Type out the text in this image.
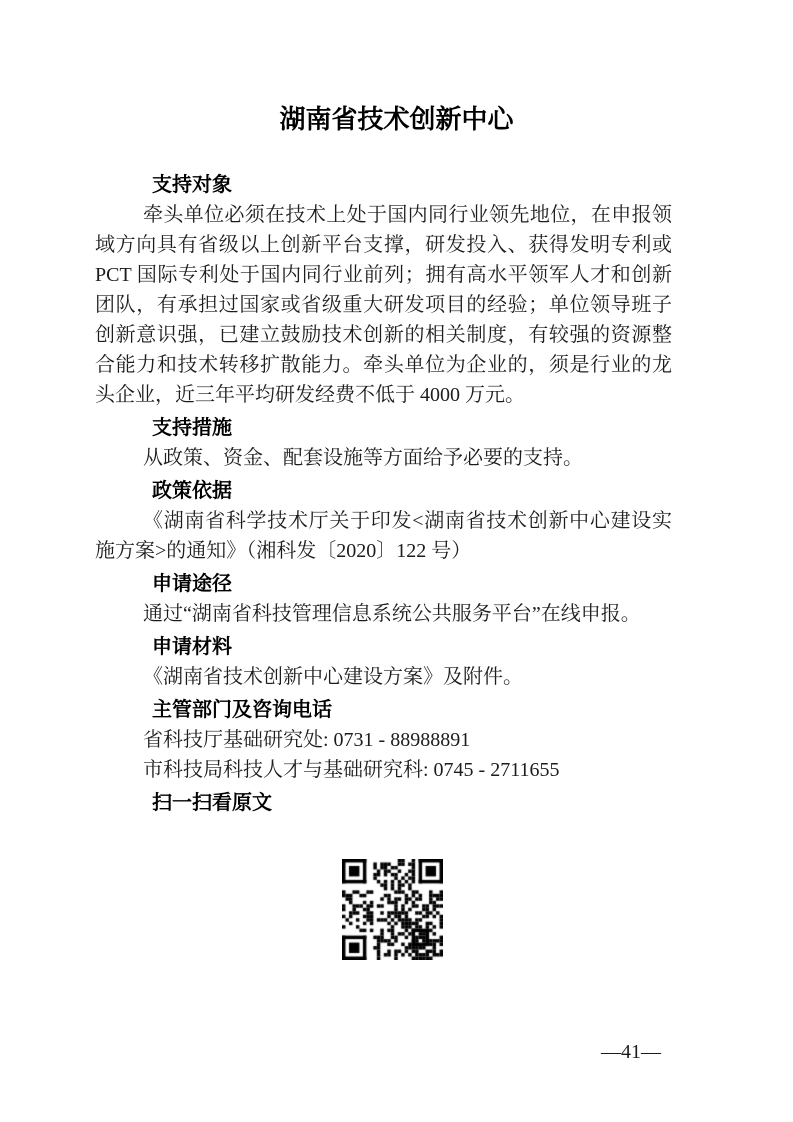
湖南省技术创新中心
支持对象

牵头单位必须在技术上处于国内同行业领先地位，在申报领域方向具有省级以上创新平台支撑，研发投入、获得发明专利或 PCT 国际专利处于国内同行业前列；拥有高水平领军人才和创新团队，有承担过国家或省级重大研发项目的经验；单位领导班子创新意识强，已建立鼓励技术创新的相关制度，有较强的资源整合能力和技术转移扩散能力。牵头单位为企业的，须是行业的龙头企业，近三年平均研发经费不低于 4000 万元。

支持措施

从政策、资金、配套设施等方面给予必要的支持。

政策依据

《湖南省科学技术厅关于印发<湖南省技术创新中心建设实施方案>的通知》（湘科发〔2020〕122 号）

申请途径

通过“湖南省科技管理信息系统公共服务平台”在线申报。

申请材料

《湖南省技术创新中心建设方案》及附件。

主管部门及咨询电话

省科技厅基础研究处: 0731 - 88988891

市科技局科技人才与基础研究科: 0745 - 2711655

扫一扫看原文
—41—
